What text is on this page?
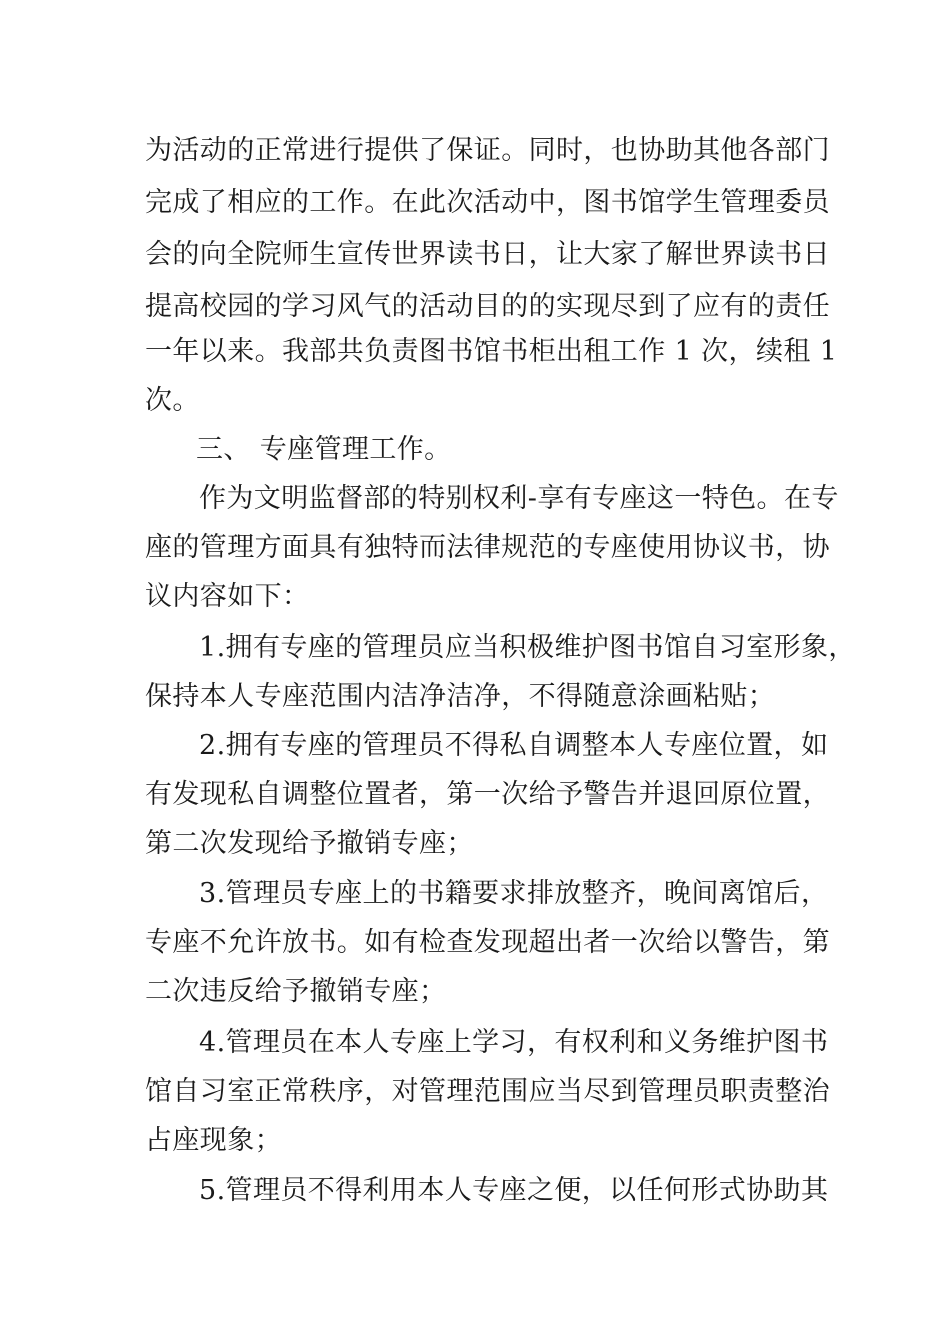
为活动的正常进行提供了保证。同时，也协助其他各部门
完成了相应的工作。在此次活动中，图书馆学生管理委员
会的向全院师生宣传世界读书日，让大家了解世界读书日
提高校园的学习风气的活动目的的实现尽到了应有的责任
一年以来。我部共负责图书馆书柜出租工作 1 次，续租 1
次。
三、 专座管理工作。
作为文明监督部的特别权利-享有专座这一特色。在专
座的管理方面具有独特而法律规范的专座使用协议书，协
议内容如下：
1.拥有专座的管理员应当积极维护图书馆自习室形象，
保持本人专座范围内洁净洁净，不得随意涂画粘贴；
2.拥有专座的管理员不得私自调整本人专座位置，如
有发现私自调整位置者，第一次给予警告并退回原位置，
第二次发现给予撤销专座；
3.管理员专座上的书籍要求排放整齐，晚间离馆后，
专座不允许放书。如有检查发现超出者一次给以警告，第
二次违反给予撤销专座；
4.管理员在本人专座上学习，有权利和义务维护图书
馆自习室正常秩序，对管理范围应当尽到管理员职责整治
占座现象；
5.管理员不得利用本人专座之便，以任何形式协助其
